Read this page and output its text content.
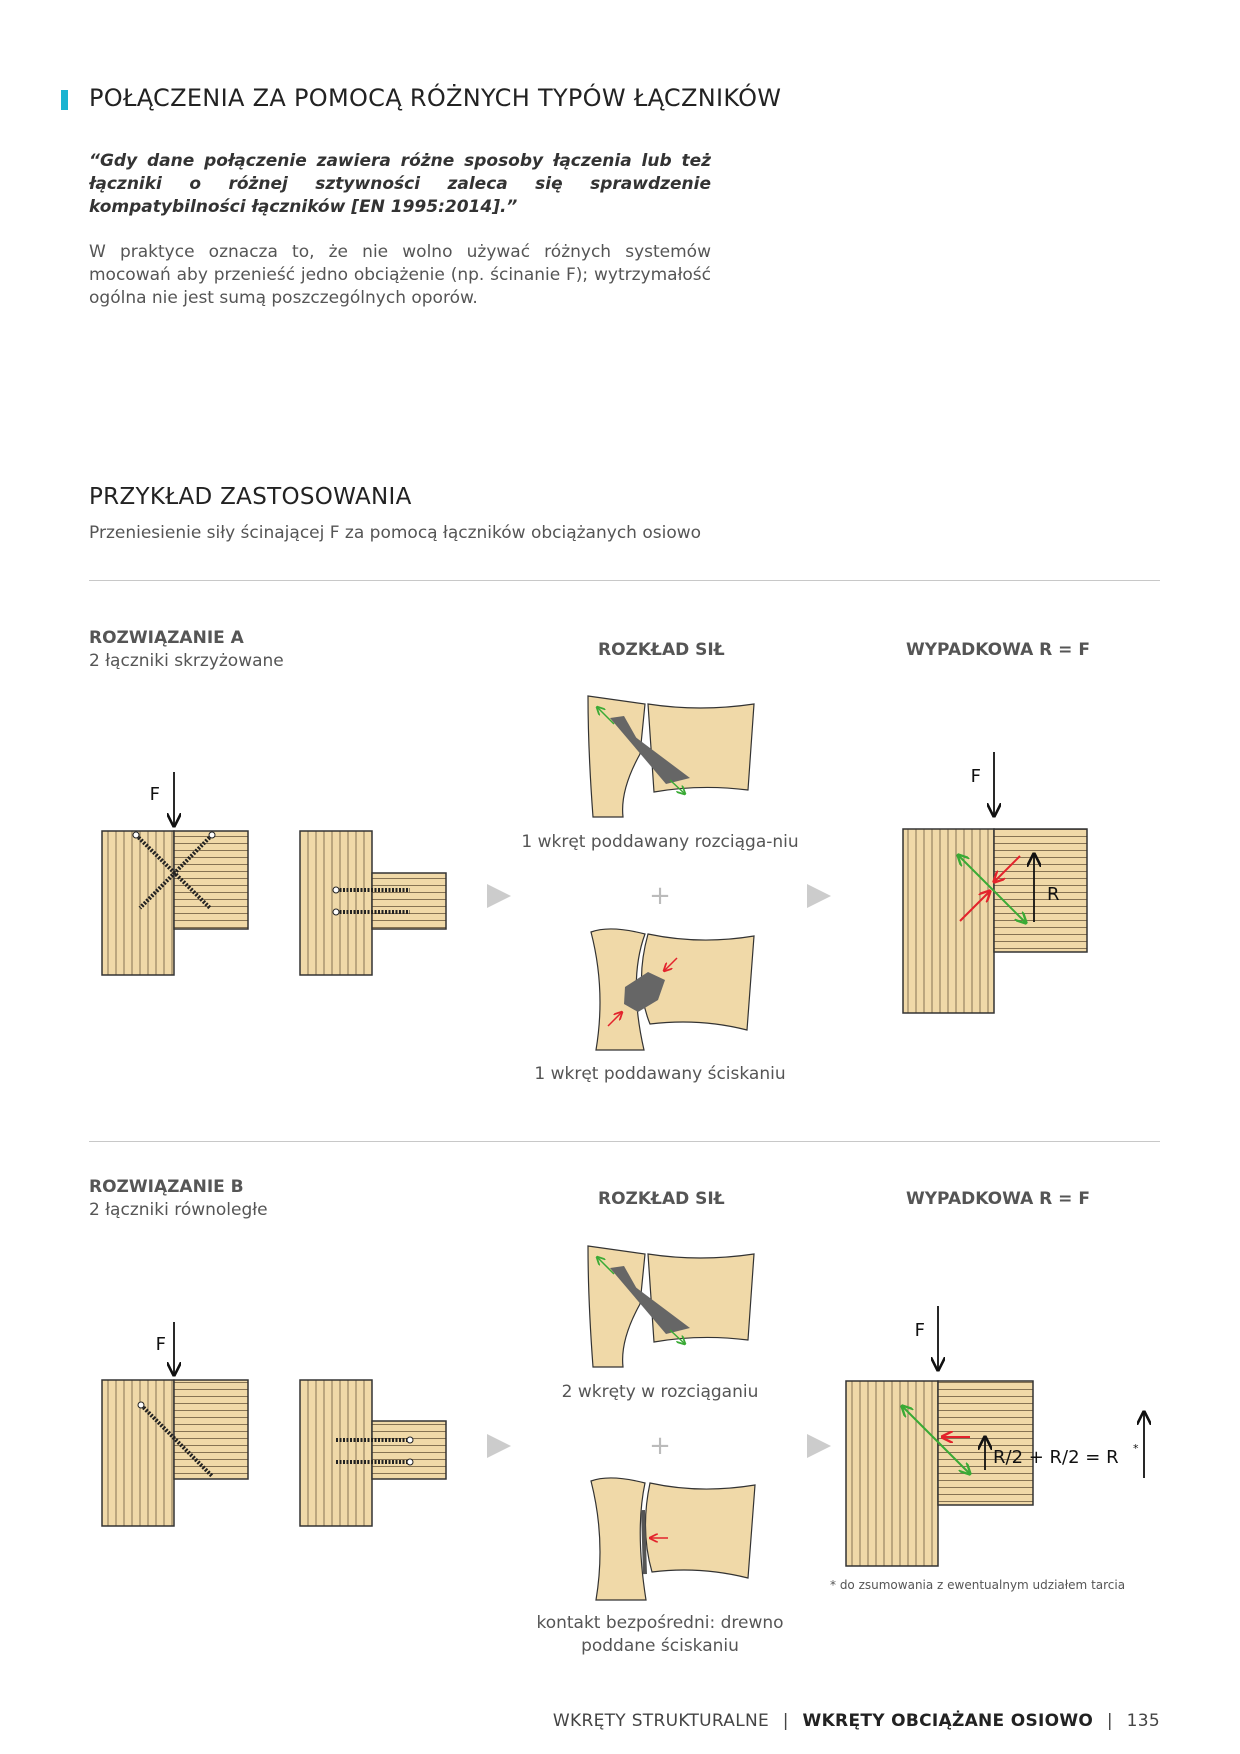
POŁĄCZENIA ZA POMOCĄ RÓŻNYCH TYPÓW ŁĄCZNIKÓW
“Gdy dane połączenie zawiera różne sposoby łączenia lub też łączniki o różnej sztywności zaleca się sprawdzenie kompatybilności łączników [EN 1995:2014].”
W praktyce oznacza to, że nie wolno używać różnych systemów mocowań aby przenieść jedno obciążenie (np. ścinanie F); wytrzymałość ogólna nie jest sumą poszczególnych oporów.
PRZYKŁAD ZASTOSOWANIA
Przeniesienie siły ścinającej F za pomocą łączników obciążanych osiowo
ROZWIĄZANIE A
2 łączniki skrzyżowane
ROZKŁAD SIŁ	WYPADKOWA R = F
1 wkręt poddawany rozciąga-niu
1 wkręt poddawany ściskaniu
ROZWIĄZANIE B
2 łączniki równoległe
ROZKŁAD SIŁ	WYPADKOWA R = F
2 wkręty w rozciąganiu
kontakt bezpośredni: drewno poddane ściskaniu
* do zsumowania z ewentualnym udziałem tarcia
WKRĘTY STRUKTURALNE | WKRĘTY OBCIĄŻANE OSIOWO | 135
F
+	R
F
F
+
F
R/2 + R/2 = R *
